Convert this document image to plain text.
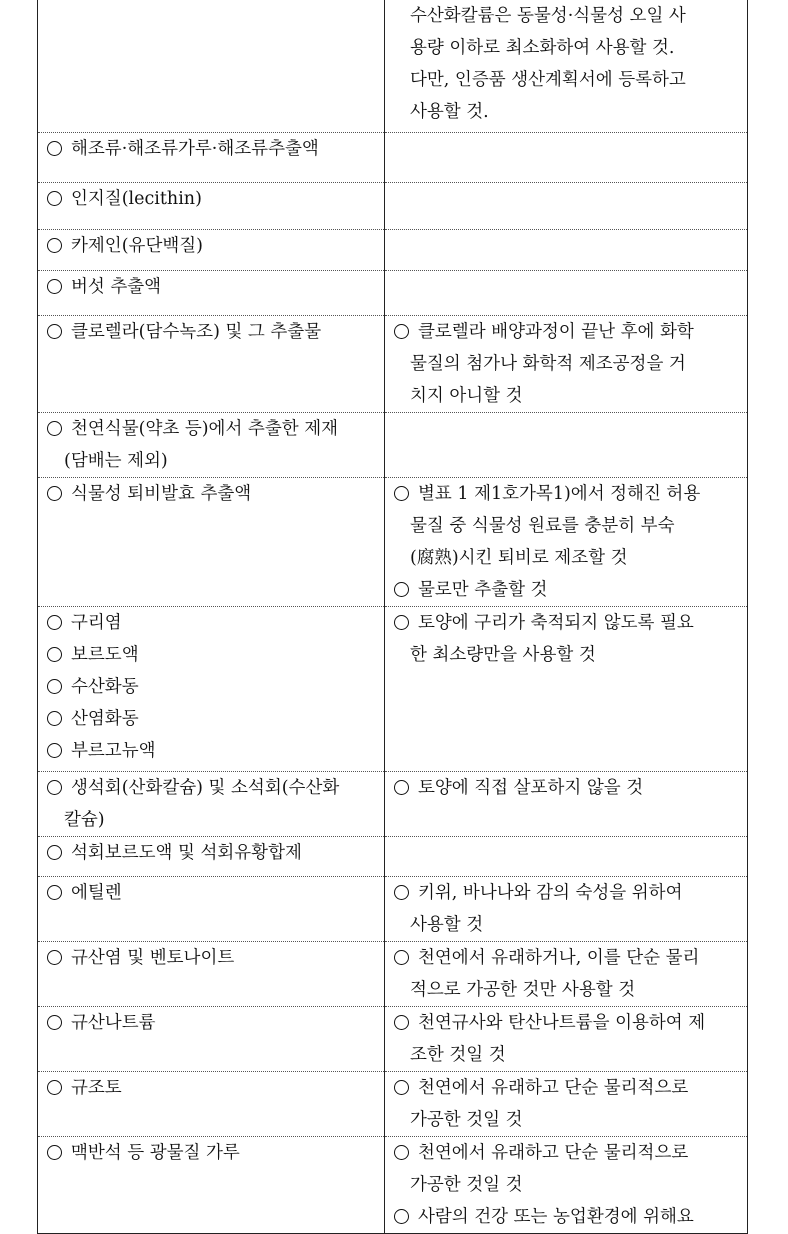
	수산화칼륨은 동물성·식물성 오일 사
용량 이하로 최소화하여 사용할 것.
다만, 인증품 생산계획서에 등록하고
사용할 것.

해조류·해조류가루·해조류추출액	

인지질(lecithin)	

카제인(유단백질)	

버섯 추출액	

클로렐라(담수녹조) 및 그 추출물	클로렐라 배양과정이 끝난 후에 화학
물질의 첨가나 화학적 제조공정을 거
치지 아니할 것

천연식물(약초 등)에서 추출한 제재
(담배는 제외)	

식물성 퇴비발효 추출액	별표 1 제1호가목1)에서 정해진 허용
물질 중 식물성 원료를 충분히 부숙
(腐熟)시킨 퇴비로 제조할 것
물로만 추출할 것

구리염
보르도액
수산화동
산염화동
부르고뉴액	토양에 구리가 축적되지 않도록 필요
한 최소량만을 사용할 것

생석회(산화칼슘) 및 소석회(수산화
칼슘)	토양에 직접 살포하지 않을 것

석회보르도액 및 석회유황합제	

에틸렌	키위, 바나나와 감의 숙성을 위하여
사용할 것

규산염 및 벤토나이트	천연에서 유래하거나, 이를 단순 물리
적으로 가공한 것만 사용할 것

규산나트륨	천연규사와 탄산나트륨을 이용하여 제
조한 것일 것

규조토	천연에서 유래하고 단순 물리적으로
가공한 것일 것

맥반석 등 광물질 가루	천연에서 유래하고 단순 물리적으로
가공한 것일 것
사람의 건강 또는 농업환경에 위해요
